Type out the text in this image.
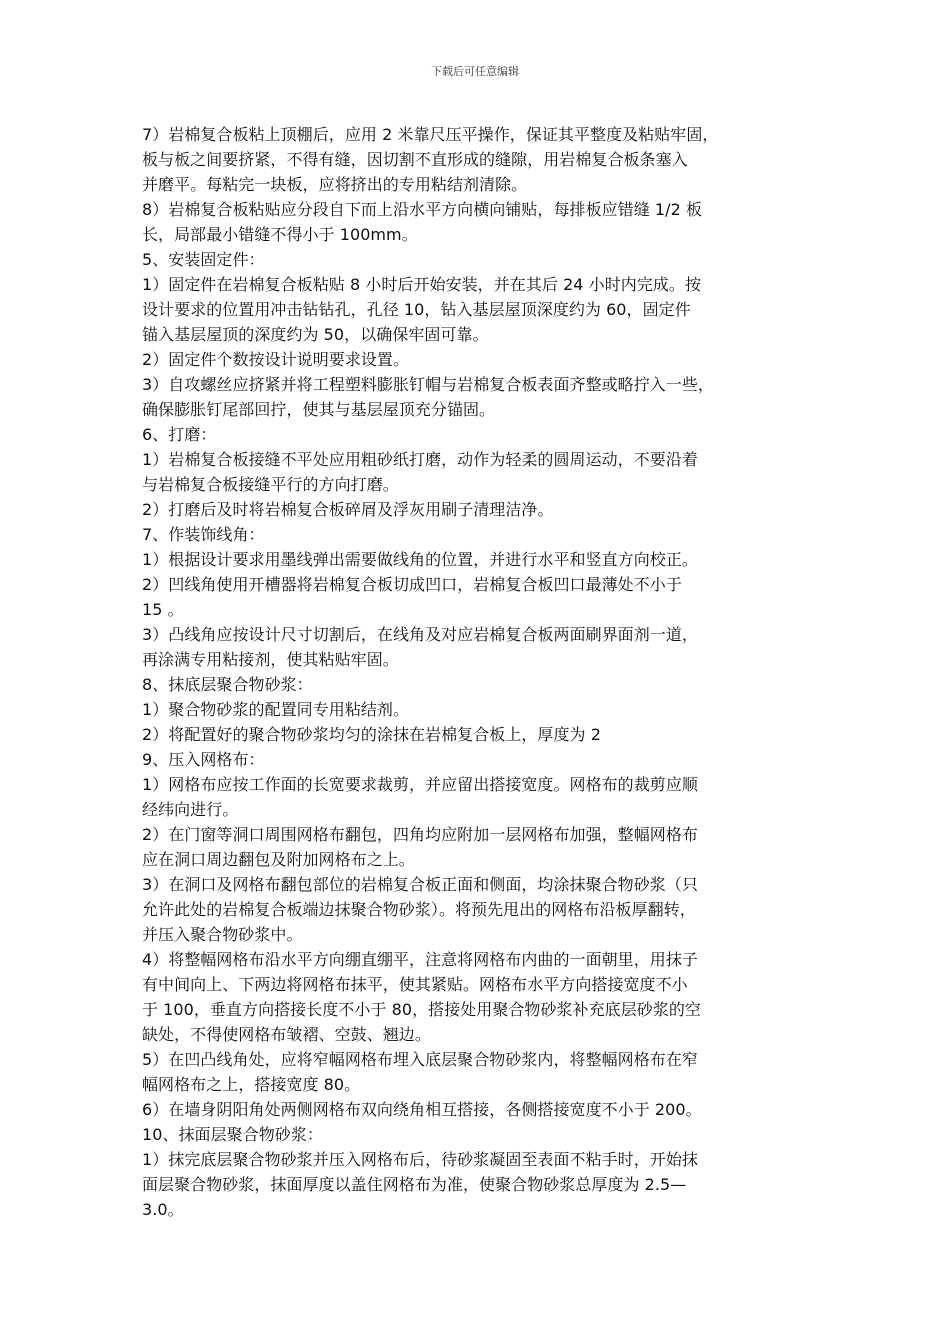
下载后可任意编辑
7）岩棉复合板粘上顶棚后，应用 2 米靠尺压平操作，保证其平整度及粘贴牢固，
板与板之间要挤紧，不得有缝，因切割不直形成的缝隙，用岩棉复合板条塞入
并磨平。每粘完一块板，应将挤出的专用粘结剂清除。
8）岩棉复合板粘贴应分段自下而上沿水平方向横向铺贴，每排板应错缝 1/2 板
长，局部最小错缝不得小于 100mm。
5、安装固定件：
1）固定件在岩棉复合板粘贴 8 小时后开始安装，并在其后 24 小时内完成。按
设计要求的位置用冲击钻钻孔，孔径 10，钻入基层屋顶深度约为 60，固定件
锚入基层屋顶的深度约为 50，以确保牢固可靠。
2）固定件个数按设计说明要求设置。
3）自攻螺丝应挤紧并将工程塑料膨胀钉帽与岩棉复合板表面齐整或略拧入一些，
确保膨胀钉尾部回拧，使其与基层屋顶充分锚固。
6、打磨：
1）岩棉复合板接缝不平处应用粗砂纸打磨，动作为轻柔的圆周运动，不要沿着
与岩棉复合板接缝平行的方向打磨。
2）打磨后及时将岩棉复合板碎屑及浮灰用刷子清理洁净。
7、作装饰线角：
1）根据设计要求用墨线弹出需要做线角的位置，并进行水平和竖直方向校正。
2）凹线角使用开槽器将岩棉复合板切成凹口，岩棉复合板凹口最薄处不小于
15 。
3）凸线角应按设计尺寸切割后，在线角及对应岩棉复合板两面刷界面剂一道，
再涂满专用粘接剂，使其粘贴牢固。
8、抹底层聚合物砂浆：
1）聚合物砂浆的配置同专用粘结剂。
2）将配置好的聚合物砂浆均匀的涂抹在岩棉复合板上，厚度为 2
9、压入网格布：
1）网格布应按工作面的长宽要求裁剪，并应留出搭接宽度。网格布的裁剪应顺
经纬向进行。
2）在门窗等洞口周围网格布翻包，四角均应附加一层网格布加强，整幅网格布
应在洞口周边翻包及附加网格布之上。
3）在洞口及网格布翻包部位的岩棉复合板正面和侧面，均涂抹聚合物砂浆（只
允许此处的岩棉复合板端边抹聚合物砂浆）。将预先甩出的网格布沿板厚翻转，
并压入聚合物砂浆中。
4）将整幅网格布沿水平方向绷直绷平，注意将网格布内曲的一面朝里，用抹子
有中间向上、下两边将网格布抹平，使其紧贴。网格布水平方向搭接宽度不小
于 100，垂直方向搭接长度不小于 80，搭接处用聚合物砂浆补充底层砂浆的空
缺处，不得使网格布皱褶、空鼓、翘边。
5）在凹凸线角处，应将窄幅网格布埋入底层聚合物砂浆内，将整幅网格布在窄
幅网格布之上，搭接宽度 80。
6）在墙身阴阳角处两侧网格布双向绕角相互搭接，各侧搭接宽度不小于 200。
10、抹面层聚合物砂浆：
1）抹完底层聚合物砂浆并压入网格布后，待砂浆凝固至表面不粘手时，开始抹
面层聚合物砂浆，抹面厚度以盖住网格布为准，使聚合物砂浆总厚度为 2.5—
3.0。
